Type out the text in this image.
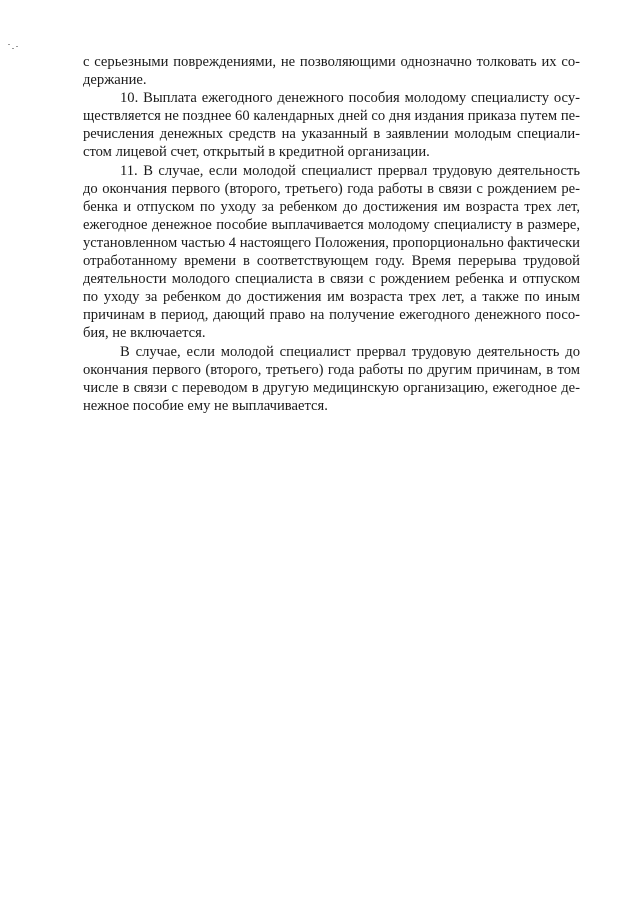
с серьезными повреждениями, не позволяющими однозначно толковать их со-
держание.
10. Выплата ежегодного денежного пособия молодому специалисту осу-
ществляется не позднее 60 календарных дней со дня издания приказа путем пе-
речисления денежных средств на указанный в заявлении молодым специали-
стом лицевой счет, открытый в кредитной организации.
11. В случае, если молодой специалист прервал трудовую деятельность
до окончания первого (второго, третьего) года работы в связи с рождением ре-
бенка и отпуском по уходу за ребенком до достижения им возраста трех лет,
ежегодное денежное пособие выплачивается молодому специалисту в размере,
установленном частью 4 настоящего Положения, пропорционально фактически
отработанному времени в соответствующем году. Время перерыва трудовой
деятельности молодого специалиста в связи с рождением ребенка и отпуском
по уходу за ребенком до достижения им возраста трех лет, а также по иным
причинам в период, дающий право на получение ежегодного денежного посо-
бия, не включается.
В случае, если молодой специалист прервал трудовую деятельность до
окончания первого (второго, третьего) года работы по другим причинам, в том
числе в связи с переводом в другую медицинскую организацию, ежегодное де-
нежное пособие ему не выплачивается.
